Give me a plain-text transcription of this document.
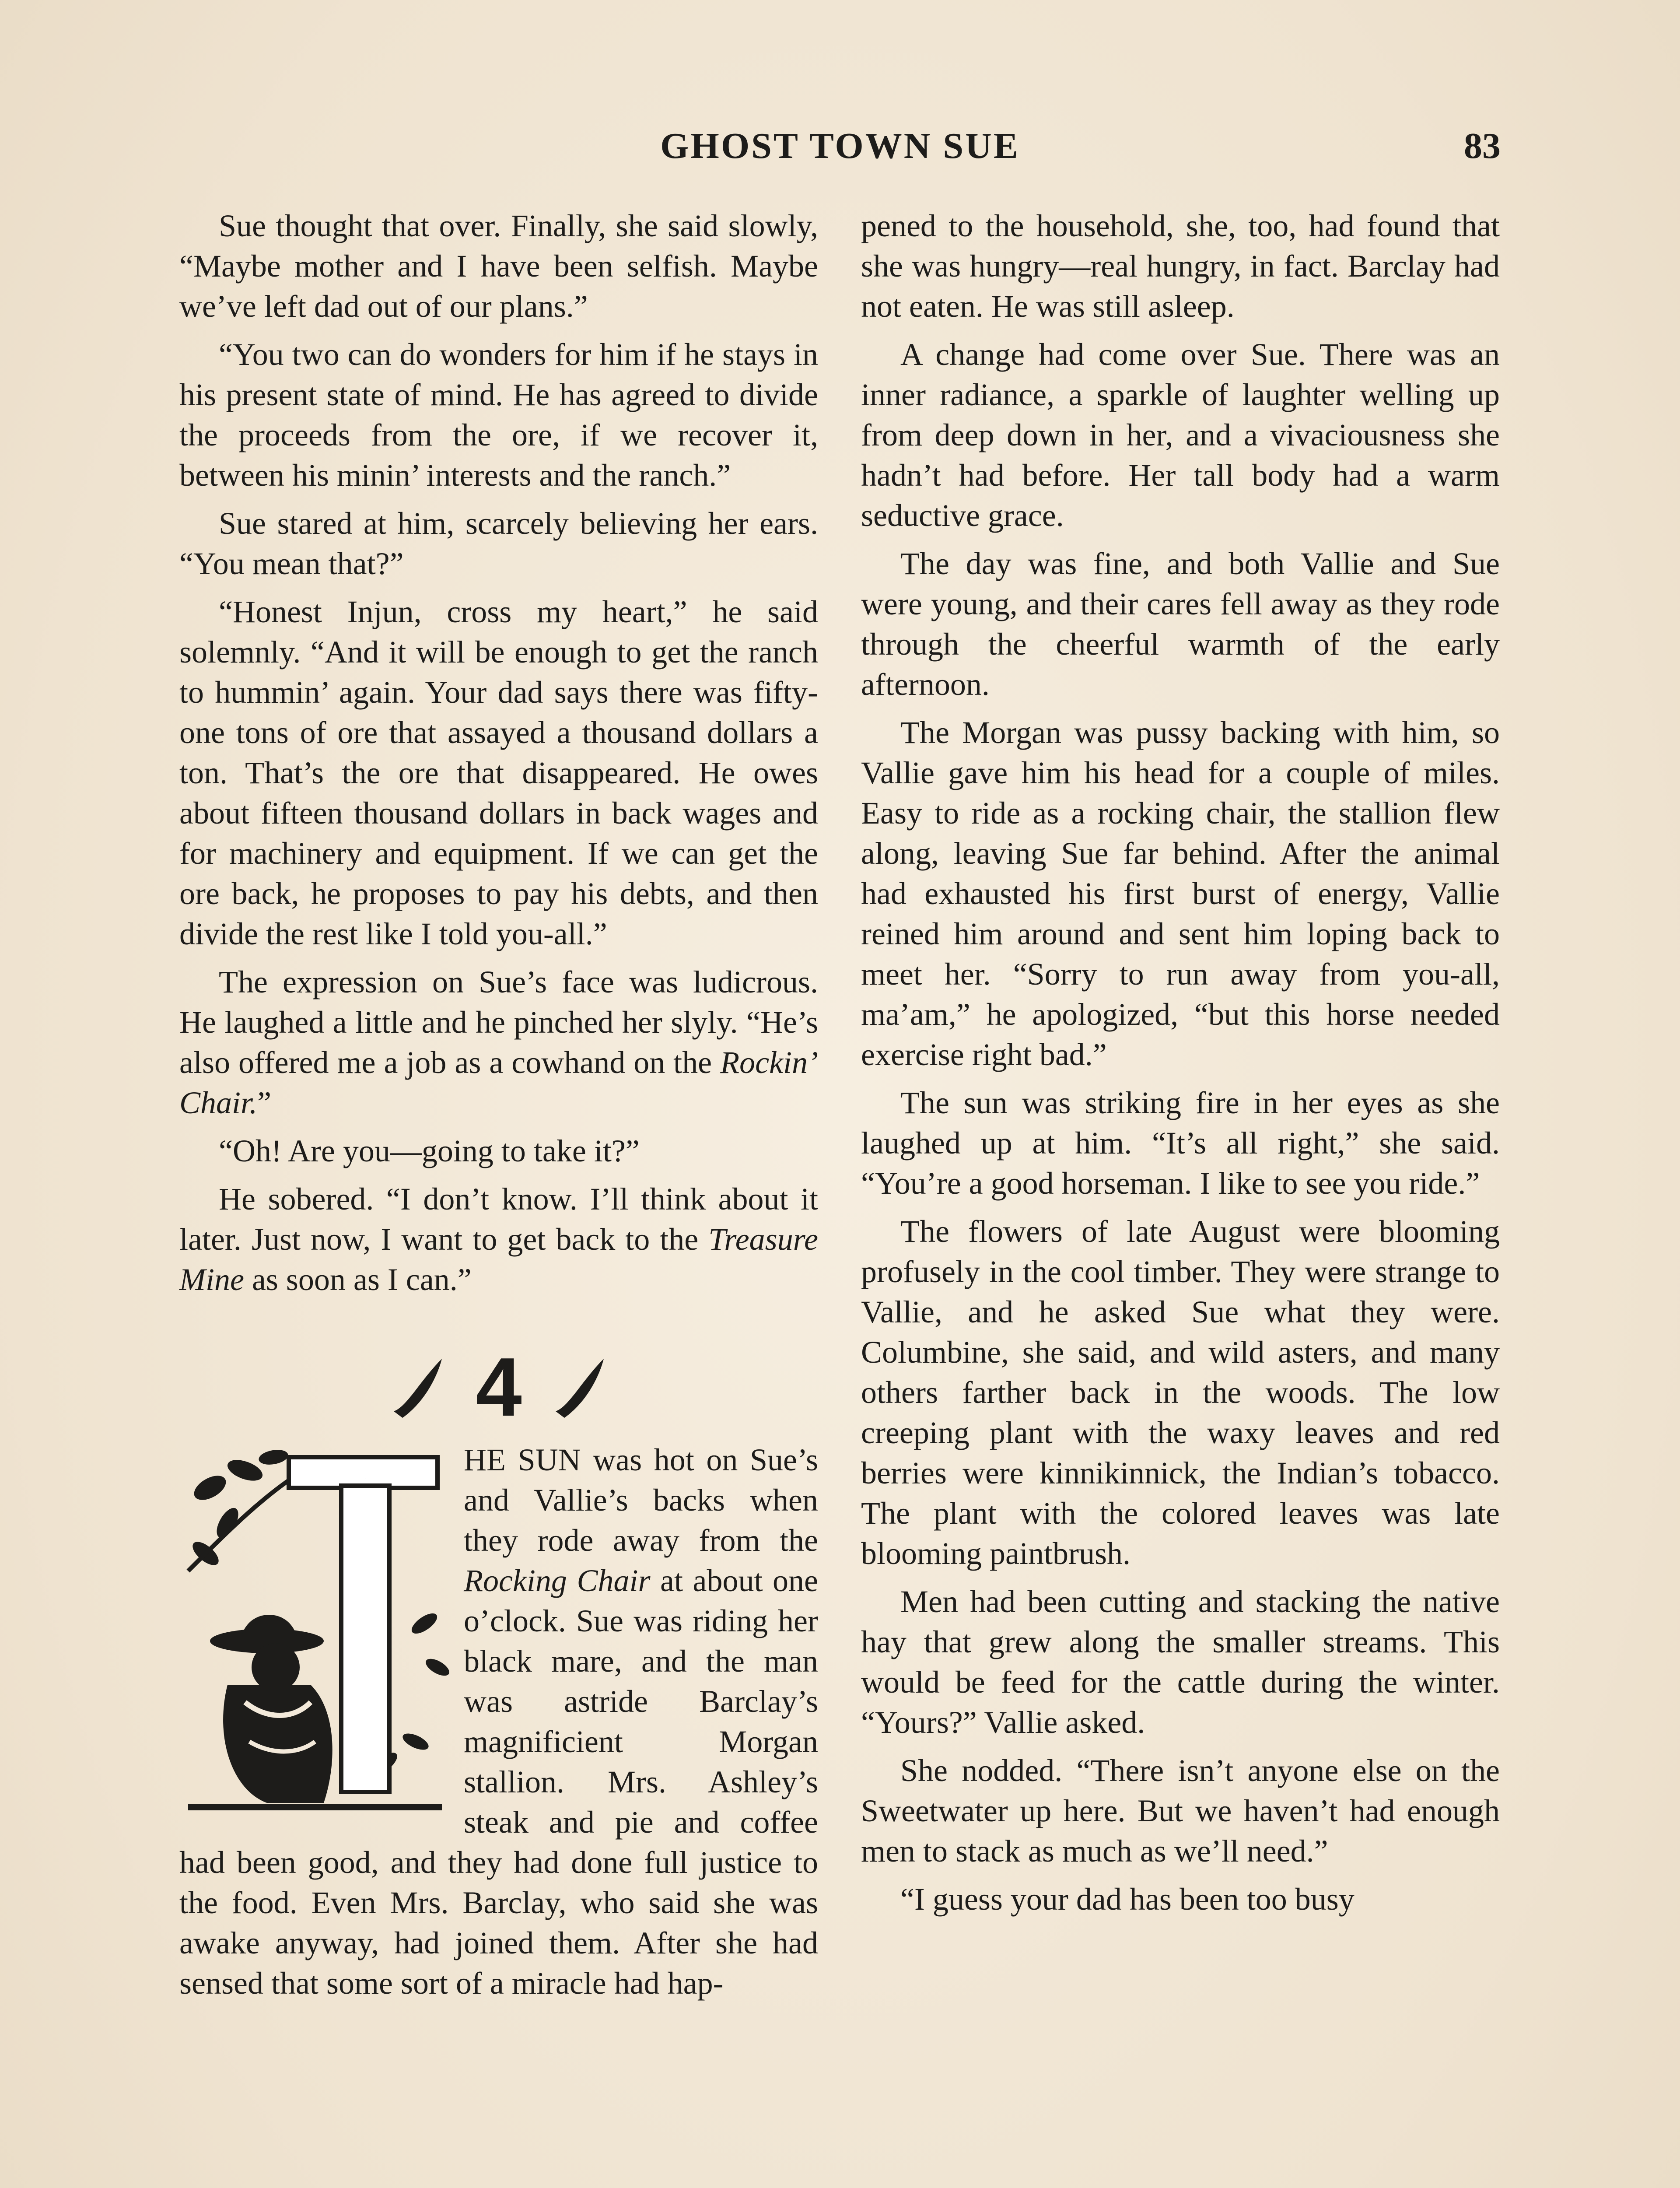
GHOST TOWN SUE	83

Sue thought that over. Finally, she said slowly, “Maybe mother and I have been selfish. Maybe we’ve left dad out of our plans.”

“You two can do wonders for him if he stays in his present state of mind. He has agreed to divide the proceeds from the ore, if we recover it, between his minin’ interests and the ranch.”

Sue stared at him, scarcely believing her ears. “You mean that?”

“Honest Injun, cross my heart,” he said solemnly. “And it will be enough to get the ranch to hummin’ again. Your dad says there was fifty-one tons of ore that assayed a thousand dollars a ton. That’s the ore that disappeared. He owes about fifteen thousand dollars in back wages and for machinery and equipment. If we can get the ore back, he proposes to pay his debts, and then divide the rest like I told you-all.”

The expression on Sue’s face was ludicrous. He laughed a little and he pinched her slyly. “He’s also offered me a job as a cowhand on the Rockin’ Chair.”

“Oh! Are you—going to take it?”

He sobered. “I don’t know. I’ll think about it later. Just now, I want to get back to the Treasure Mine as soon as I can.”

4
T

HE SUN was hot on Sue’s and Vallie’s backs when they rode away from the Rocking Chair at about one o’clock. Sue was riding her black mare, and the man was astride Barclay’s magnificient Morgan stallion. Mrs. Ashley’s steak and pie and coffee had been good, and they had done full justice to the food. Even Mrs. Barclay, who said she was awake anyway, had joined them. After she had sensed that some sort of a miracle had hap-

pened to the household, she, too, had found that she was hungry—real hungry, in fact. Barclay had not eaten. He was still asleep.

A change had come over Sue. There was an inner radiance, a sparkle of laughter welling up from deep down in her, and a vivaciousness she hadn’t had before. Her tall body had a warm seductive grace.

The day was fine, and both Vallie and Sue were young, and their cares fell away as they rode through the cheerful warmth of the early afternoon.

The Morgan was pussy backing with him, so Vallie gave him his head for a couple of miles. Easy to ride as a rocking chair, the stallion flew along, leaving Sue far behind. After the animal had exhausted his first burst of energy, Vallie reined him around and sent him loping back to meet her. “Sorry to run away from you-all, ma’am,” he apologized, “but this horse needed exercise right bad.”

The sun was striking fire in her eyes as she laughed up at him. “It’s all right,” she said. “You’re a good horseman. I like to see you ride.”

The flowers of late August were blooming profusely in the cool timber. They were strange to Vallie, and he asked Sue what they were. Columbine, she said, and wild asters, and many others farther back in the woods. The low creeping plant with the waxy leaves and red berries were kinnikinnick, the Indian’s tobacco. The plant with the colored leaves was late blooming paintbrush.

Men had been cutting and stacking the native hay that grew along the smaller streams. This would be feed for the cattle during the winter. “Yours?” Vallie asked.

She nodded. “There isn’t anyone else on the Sweetwater up here. But we haven’t had enough men to stack as much as we’ll need.”

“I guess your dad has been too busy
